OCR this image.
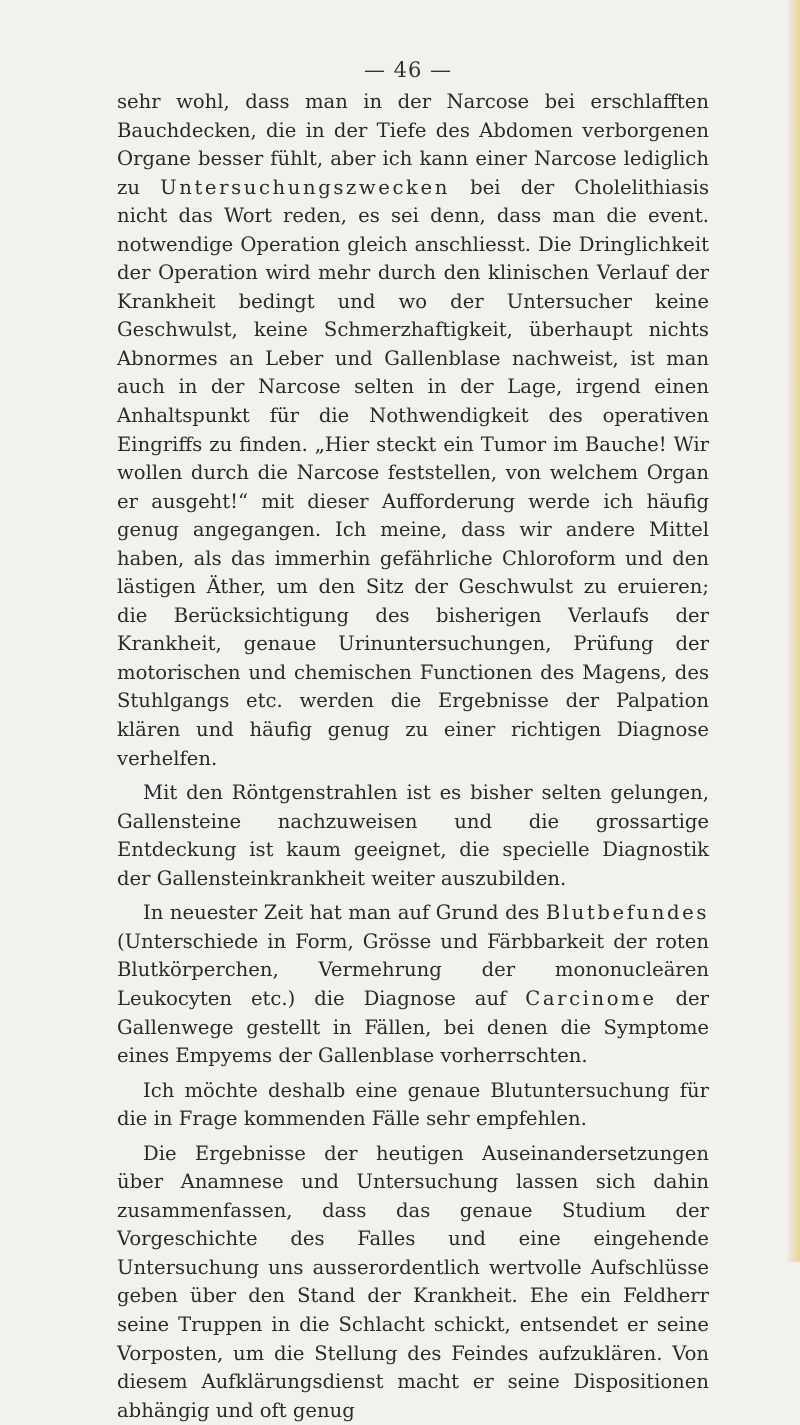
— 46 —

sehr wohl, dass man in der Narcose bei erschlafften Bauchdecken, die in der Tiefe des Abdomen verborgenen Organe besser fühlt, aber ich kann einer Narcose lediglich zu Untersuchungszwecken bei der Cholelithiasis nicht das Wort reden, es sei denn, dass man die event. notwendige Operation gleich anschliesst. Die Dringlichkeit der Operation wird mehr durch den klinischen Verlauf der Krankheit bedingt und wo der Untersucher keine Geschwulst, keine Schmerzhaftigkeit, überhaupt nichts Abnormes an Leber und Gallenblase nachweist, ist man auch in der Narcose selten in der Lage, irgend einen Anhaltspunkt für die Nothwendigkeit des operativen Eingriffs zu finden. „Hier steckt ein Tumor im Bauche! Wir wollen durch die Narcose feststellen, von welchem Organ er ausgeht!“ mit dieser Aufforderung werde ich häufig genug angegangen. Ich meine, dass wir andere Mittel haben, als das immerhin gefährliche Chloroform und den lästigen Äther, um den Sitz der Geschwulst zu eruieren; die Berücksichtigung des bisherigen Verlaufs der Krankheit, genaue Urinuntersuchungen, Prüfung der motorischen und chemischen Functionen des Magens, des Stuhlgangs etc. werden die Ergebnisse der Palpation klären und häufig genug zu einer richtigen Diagnose verhelfen.

Mit den Röntgenstrahlen ist es bisher selten gelungen, Gallensteine nachzuweisen und die grossartige Entdeckung ist kaum geeignet, die specielle Diagnostik der Gallensteinkrankheit weiter auszubilden.

In neuester Zeit hat man auf Grund des Blutbefundes (Unterschiede in Form, Grösse und Färbbarkeit der roten Blutkörperchen, Vermehrung der mononucleären Leukocyten etc.) die Diagnose auf Carcinome der Gallenwege gestellt in Fällen, bei denen die Symptome eines Empyems der Gallenblase vorherrschten.

Ich möchte deshalb eine genaue Blutuntersuchung für die in Frage kommenden Fälle sehr empfehlen.

Die Ergebnisse der heutigen Auseinandersetzungen über Anamnese und Untersuchung lassen sich dahin zusammenfassen, dass das genaue Studium der Vorgeschichte des Falles und eine eingehende Untersuchung uns ausserordentlich wertvolle Aufschlüsse geben über den Stand der Krankheit. Ehe ein Feldherr seine Truppen in die Schlacht schickt, entsendet er seine Vorposten, um die Stellung des Feindes aufzuklären. Von diesem Aufklärungsdienst macht er seine Dispositionen abhängig und oft genug
